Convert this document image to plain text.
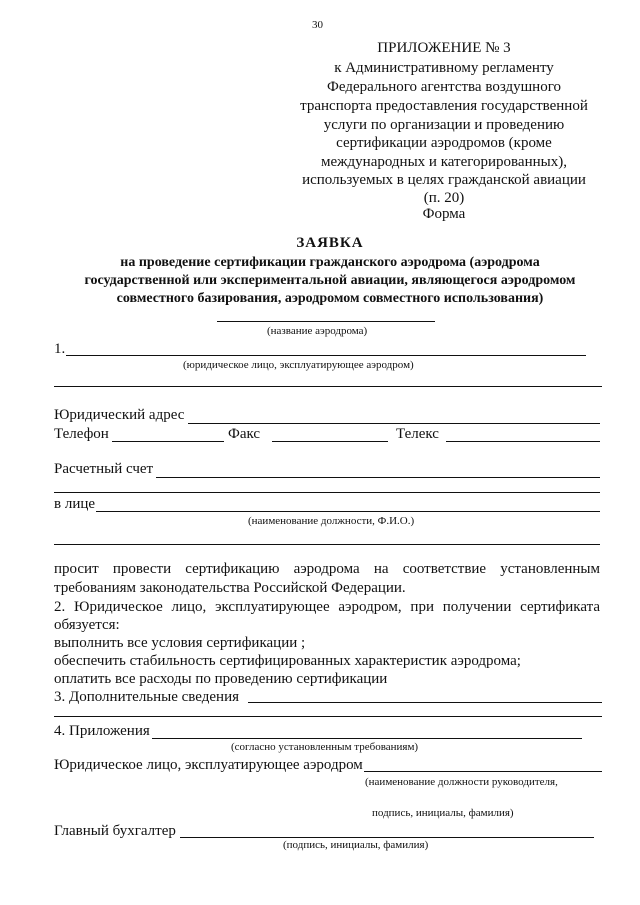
30
ПРИЛОЖЕНИЕ № 3
к Административному регламенту
Федерального агентства воздушного
транспорта предоставления государственной
услуги по организации и проведению
сертификации аэродромов (кроме
международных и категорированных),
используемых в целях гражданской авиации
(п. 20)
Форма
ЗАЯВКА
на проведение сертификации гражданского аэродрома (аэродрома
государственной или экспериментальной авиации, являющегося аэродромом
совместного базирования, аэродромом совместного использования)
(название аэродрома)
1.
(юридическое лицо, эксплуатирующее аэродром)
Юридический адрес
Телефон	Факс	Телекс
Расчетный счет
в лице
(наименование должности, Ф.И.О.)
просит провести сертификацию аэродрома на соответствие установленным
требованиям законодательства Российской Федерации.
2. Юридическое лицо, эксплуатирующее аэродром, при получении сертификата
обязуется:
выполнить все условия сертификации ;
обеспечить стабильность сертифицированных характеристик аэродрома;
оплатить все расходы по проведению сертификации
3. Дополнительные сведения
4. Приложения
(согласно установленным требованиям)
Юридическое лицо, эксплуатирующее аэродром
(наименование должности руководителя,
подпись, инициалы, фамилия)
Главный бухгалтер
(подпись, инициалы, фамилия)
